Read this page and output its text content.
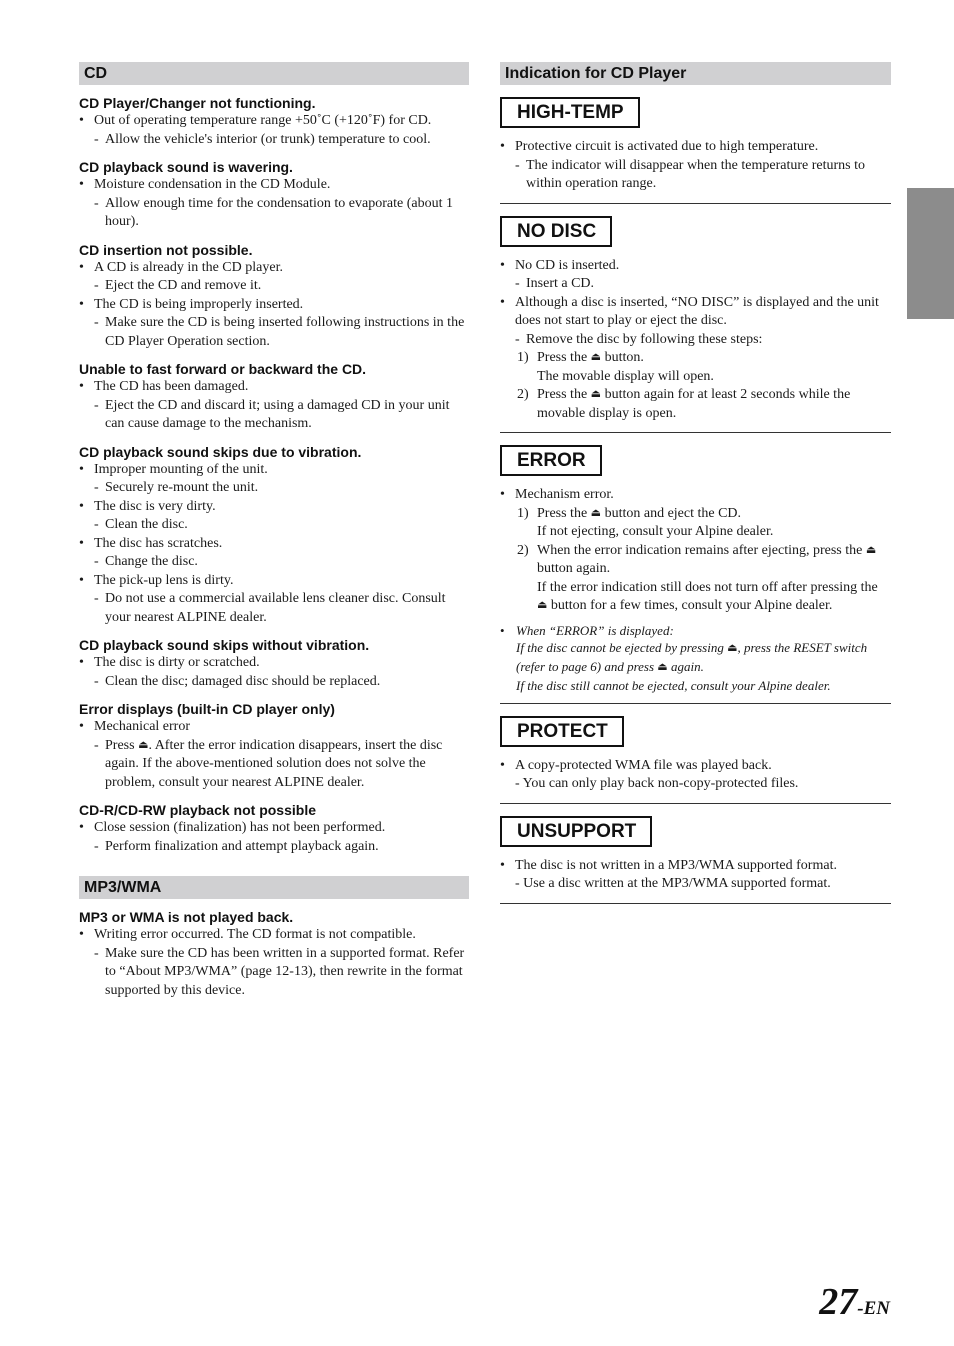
CD
CD Player/Changer not functioning.
• Out of operating temperature range +50˚C (+120˚F) for CD.
- Allow the vehicle's interior (or trunk) temperature to cool.
CD playback sound is wavering.
• Moisture condensation in the CD Module.
- Allow enough time for the condensation to evaporate (about 1 hour).
CD insertion not possible.
• A CD is already in the CD player.
- Eject the CD and remove it.
• The CD is being improperly inserted.
- Make sure the CD is being inserted following instructions in the CD Player Operation section.
Unable to fast forward or backward the CD.
• The CD has been damaged.
- Eject the CD and discard it; using a damaged CD in your unit can cause damage to the mechanism.
CD playback sound skips due to vibration.
• Improper mounting of the unit.
- Securely re-mount the unit.
• The disc is very dirty.
- Clean the disc.
• The disc has scratches.
- Change the disc.
• The pick-up lens is dirty.
- Do not use a commercial available lens cleaner disc. Consult your nearest ALPINE dealer.
CD playback sound skips without vibration.
• The disc is dirty or scratched.
- Clean the disc; damaged disc should be replaced.
Error displays (built-in CD player only)
• Mechanical error
- Press ⏏. After the error indication disappears, insert the disc again. If the above-mentioned solution does not solve the problem, consult your nearest ALPINE dealer.
CD-R/CD-RW playback not possible
• Close session (finalization) has not been performed.
- Perform finalization and attempt playback again.
MP3/WMA
MP3 or WMA is not played back.
• Writing error occurred. The CD format is not compatible.
- Make sure the CD has been written in a supported format. Refer to “About MP3/WMA” (page 12-13), then rewrite in the format supported by this device.
Indication for CD Player
HIGH-TEMP
• Protective circuit is activated due to high temperature.
- The indicator will disappear when the temperature returns to within operation range.
NO DISC
• No CD is inserted.
- Insert a CD.
• Although a disc is inserted, “NO DISC” is displayed and the unit does not start to play or eject the disc.
- Remove the disc by following these steps:
1) Press the ⏏ button.
The movable display will open.
2) Press the ⏏ button again for at least 2 seconds while the movable display is open.
ERROR
• Mechanism error.
1) Press the ⏏ button and eject the CD.
If not ejecting, consult your Alpine dealer.
2) When the error indication remains after ejecting, press the ⏏ button again.
If the error indication still does not turn off after pressing the ⏏ button for a few times, consult your Alpine dealer.
• When “ERROR” is displayed:
If the disc cannot be ejected by pressing ⏏, press the RESET switch (refer to page 6) and press ⏏ again.
If the disc still cannot be ejected, consult your Alpine dealer.
PROTECT
• A copy-protected WMA file was played back.
- You can only play back non-copy-protected files.
UNSUPPORT
• The disc is not written in a MP3/WMA supported format.
- Use a disc written at the MP3/WMA supported format.
27-EN
